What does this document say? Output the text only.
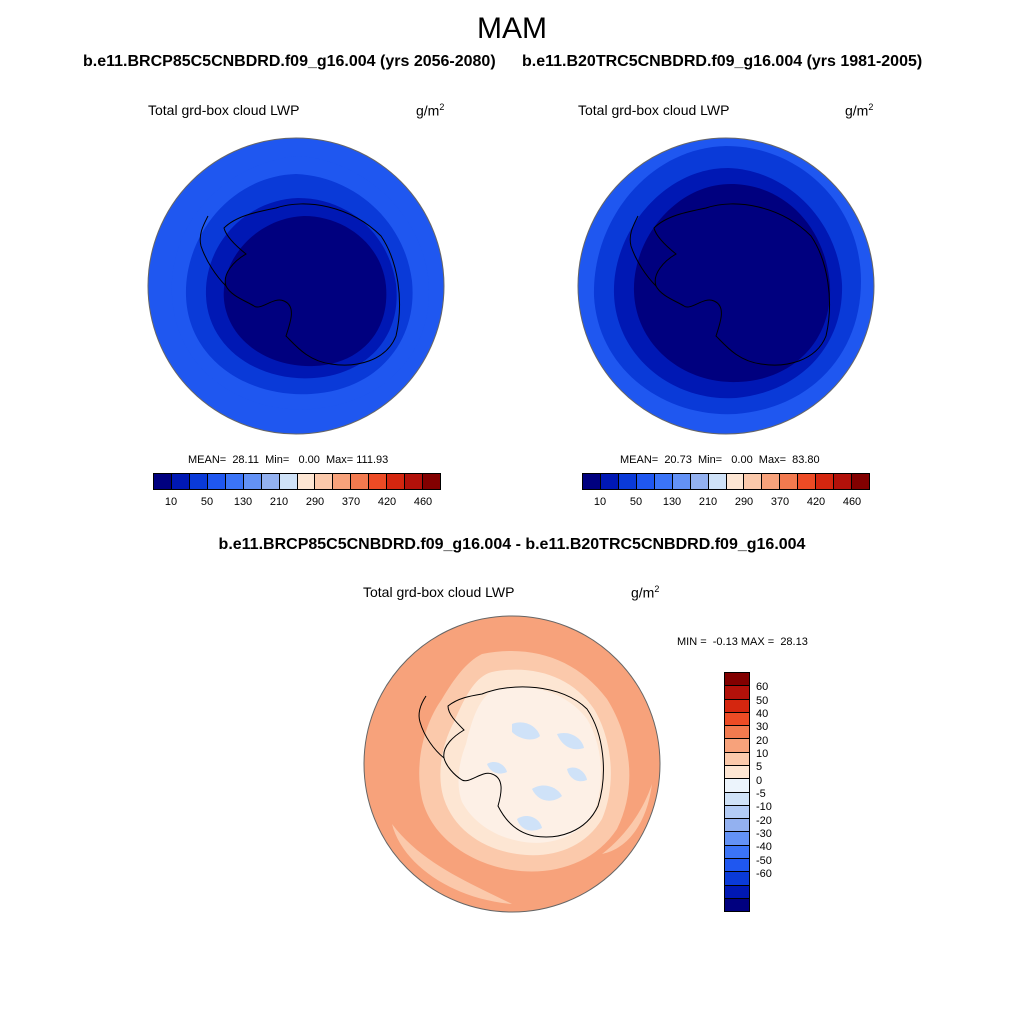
MAM
b.e11.BRCP85C5CNBDRD.f09_g16.004 (yrs 2056-2080) b.e11.B20TRC5CNBDRD.f09_g16.004 (yrs 1981-2005)
Total grd-box cloud LWP	$g/m^2$	Total grd-box cloud LWP	$g/m^2$
MEAN=  28.11  Min=   0.00  Max= 111.93
10 50 130 210 290 370 420 460
MEAN=  20.73  Min=   0.00  Max=  83.80
10 50 130 210 290 370 420 460
b.e11.BRCP85C5CNBDRD.f09_g16.004 - b.e11.B20TRC5CNBDRD.f09_g16.004
Total grd-box cloud LWP	$g/m^2$
MIN =  -0.13 MAX =  28.13
60
50
40
30
20
10
5
0
-5
-10
-20
-30
-40
-50
-60
